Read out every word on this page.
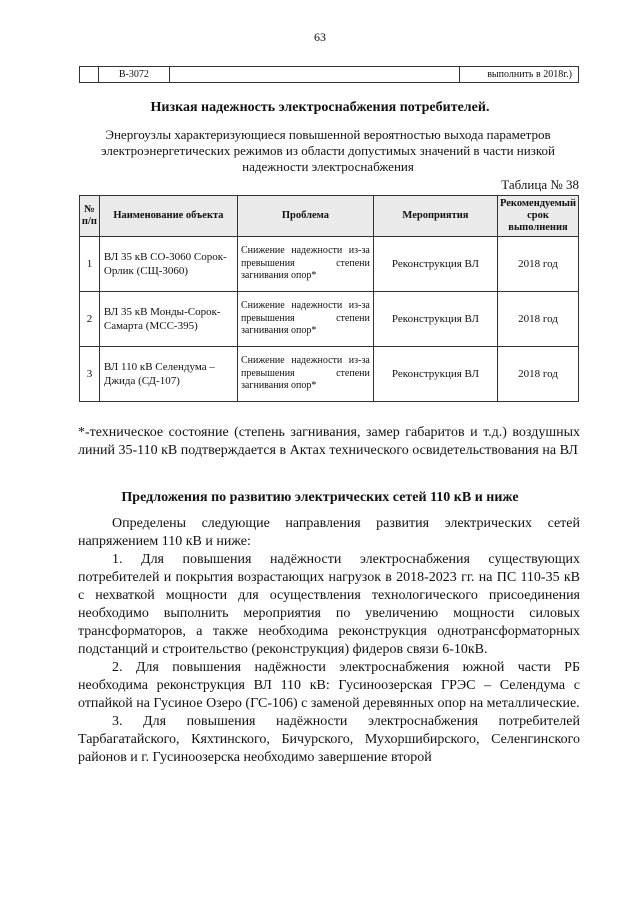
63
	В-3072		выполнить в 2018г.)
Низкая надежность электроснабжения потребителей.
Энергоузлы характеризующиеся повышенной вероятностью выхода параметров электроэнергетических режимов из области допустимых значений в части низкой надежности электроснабжения
Таблица № 38
№ п/п	Наименование объекта	Проблема	Мероприятия	Рекомендуемый срок выполнения
1	ВЛ 35 кВ СО-3060 Сорок-Орлик (СЩ-3060)	Снижение надежности из-за превышения степени загнивания опор*	Реконструкция ВЛ	2018 год
2	ВЛ 35 кВ Монды-Сорок-Самарта (МСС-395)	Снижение надежности из-за превышения степени загнивания опор*	Реконструкция ВЛ	2018 год
3	ВЛ 110 кВ Селендума – Джида (СД-107)	Снижение надежности из-за превышения степени загнивания опор*	Реконструкция ВЛ	2018 год
*-техническое состояние (степень загнивания, замер габаритов и т.д.) воздушных линий 35-110 кВ подтверждается в Актах технического освидетельствования на ВЛ
Предложения по развитию электрических сетей 110 кВ и ниже

Определены следующие направления развития электрических сетей напряжением 110 кВ и ниже:

1. Для повышения надёжности электроснабжения существующих потребителей и покрытия возрастающих нагрузок в 2018-2023 гг. на ПС 110-35 кВ с нехваткой мощности для осуществления технологического присоединения необходимо выполнить мероприятия по увеличению мощности силовых трансформаторов, а также необходима реконструкция однотрансформаторных подстанций и строительство (реконструкция) фидеров связи 6-10кВ.

2. Для повышения надёжности электроснабжения южной части РБ необходима реконструкция ВЛ 110 кВ: Гусиноозерская ГРЭС – Селендума с отпайкой на Гусиное Озеро (ГС-106) с заменой деревянных опор на металлические.

3. Для повышения надёжности электроснабжения потребителей Тарбагатайского, Кяхтинского, Бичурского, Мухоршибирского, Селенгинского районов и г. Гусиноозерска необходимо завершение второй
